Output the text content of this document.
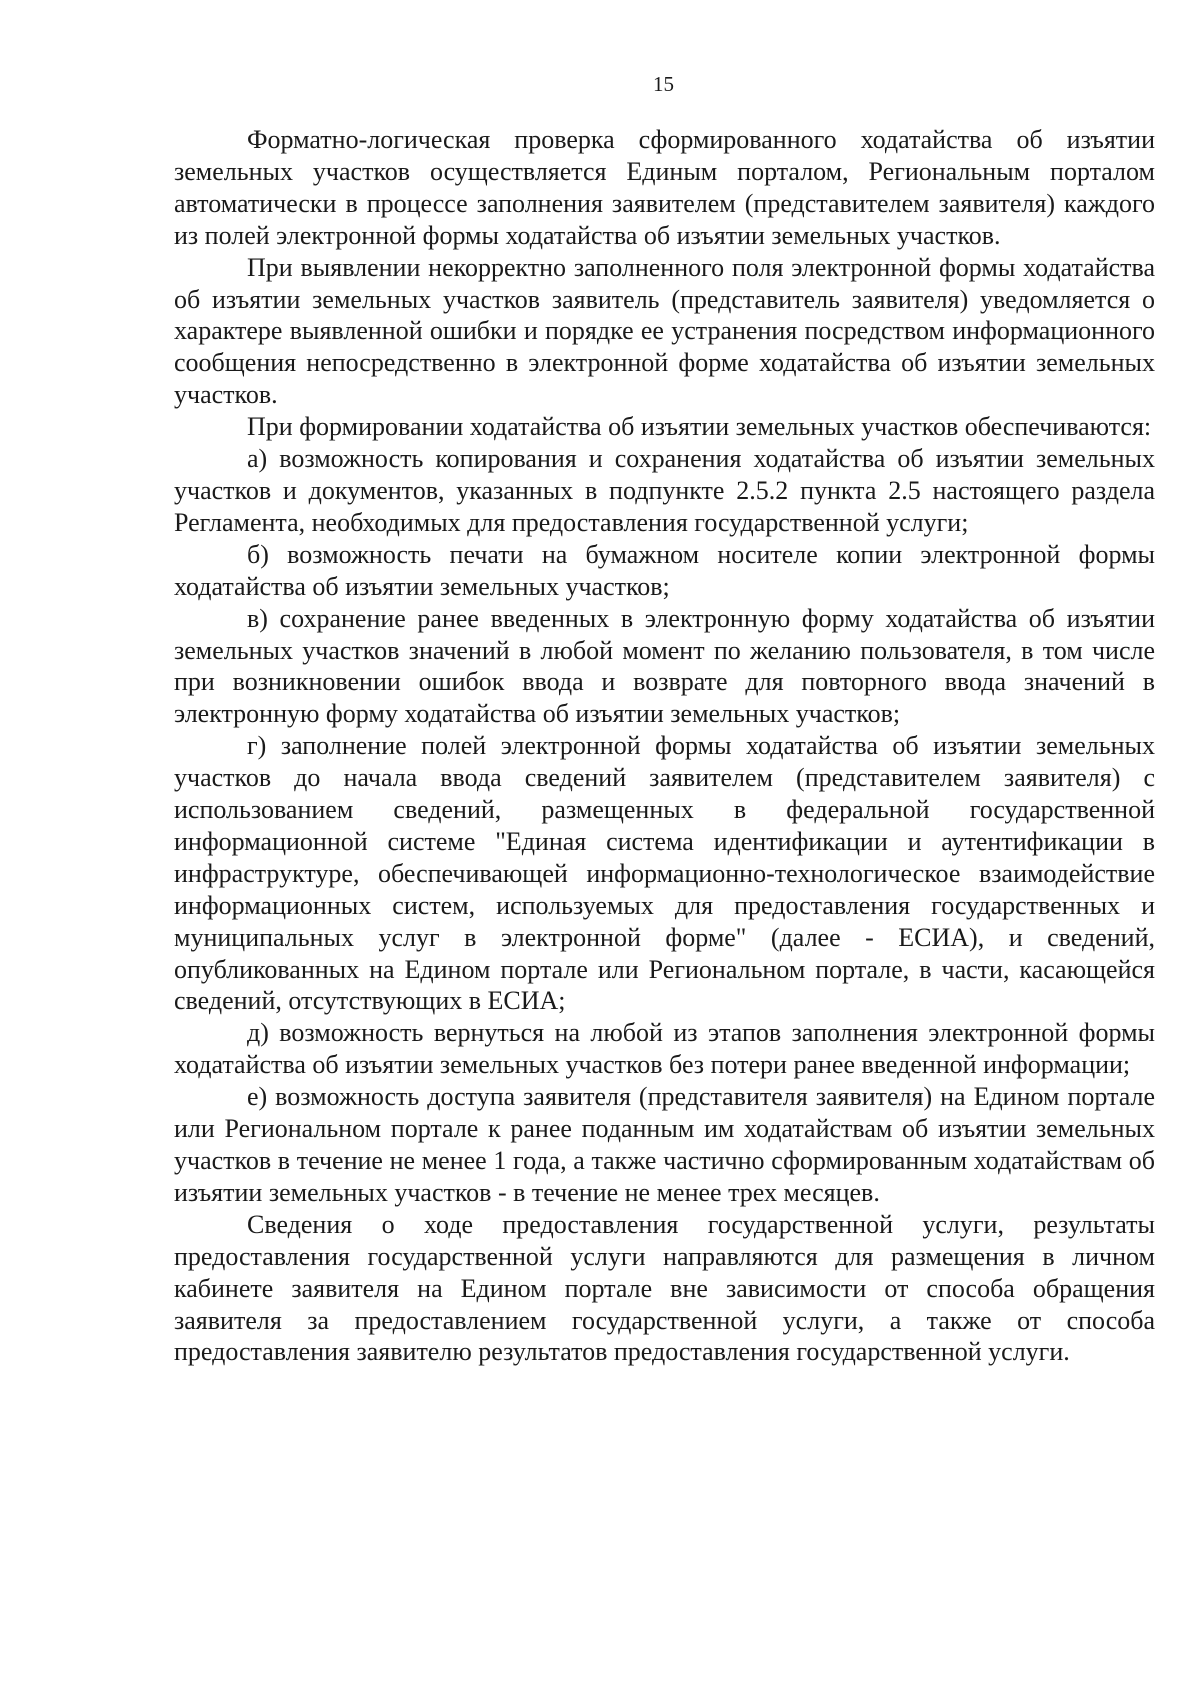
15

Форматно-логическая проверка сформированного ходатайства об изъятии земельных участков осуществляется Единым порталом, Региональным порталом автоматически в процессе заполнения заявителем (представителем заявителя) каждого из полей электронной формы ходатайства об изъятии земельных участков.

При выявлении некорректно заполненного поля электронной формы ходатайства об изъятии земельных участков заявитель (представитель заявителя) уведомляется о характере выявленной ошибки и порядке ее устранения посредством информационного сообщения непосредственно в электронной форме ходатайства об изъятии земельных участков.

При формировании ходатайства об изъятии земельных участков обеспечиваются:

а) возможность копирования и сохранения ходатайства об изъятии земельных участков и документов, указанных в подпункте 2.5.2 пункта 2.5 настоящего раздела Регламента, необходимых для предоставления государственной услуги;

б) возможность печати на бумажном носителе копии электронной формы ходатайства об изъятии земельных участков;

в) сохранение ранее введенных в электронную форму ходатайства об изъятии земельных участков значений в любой момент по желанию пользователя, в том числе при возникновении ошибок ввода и возврате для повторного ввода значений в электронную форму ходатайства об изъятии земельных участков;

г) заполнение полей электронной формы ходатайства об изъятии земельных участков до начала ввода сведений заявителем (представителем заявителя) с использованием сведений, размещенных в федеральной государственной информационной системе "Единая система идентификации и аутентификации в инфраструктуре, обеспечивающей информационно-технологическое взаимодействие информационных систем, используемых для предоставления государственных и муниципальных услуг в электронной форме" (далее - ЕСИА), и сведений, опубликованных на Едином портале или Региональном портале, в части, касающейся сведений, отсутствующих в ЕСИА;

д) возможность вернуться на любой из этапов заполнения электронной формы ходатайства об изъятии земельных участков без потери ранее введенной информации;

е) возможность доступа заявителя (представителя заявителя) на Едином портале или Региональном портале к ранее поданным им ходатайствам об изъятии земельных участков в течение не менее 1 года, а также частично сформированным ходатайствам об изъятии земельных участков - в течение не менее трех месяцев.

Сведения о ходе предоставления государственной услуги, результаты предоставления государственной услуги направляются для размещения в личном кабинете заявителя на Едином портале вне зависимости от способа обращения заявителя за предоставлением государственной услуги, а также от способа предоставления заявителю результатов предоставления государственной услуги.
